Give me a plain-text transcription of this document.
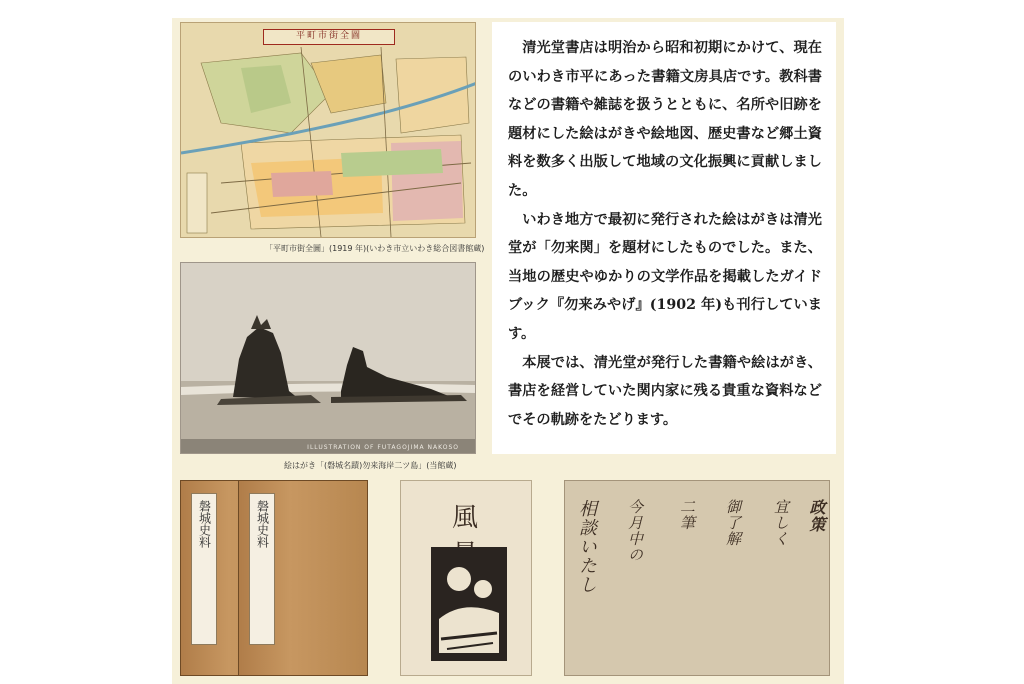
平町市街全圖
「平町市街全圖」(1919 年)(いわき市立いわき総合図書館蔵)
ILLUSTRATION OF FUTAGOJIMA NAKOSO
絵はがき「(磐城名蹟)勿来海岸二ツ島」(当館蔵)

清光堂書店は明治から昭和初期にかけて、現在のいわき市平にあった書籍文房具店です。教科書などの書籍や雑誌を扱うとともに、名所や旧跡を題材にした絵はがきや絵地図、歴史書など郷土資料を数多く出版して地域の文化振興に貢献しました。

いわき地方で最初に発行された絵はがきは清光堂が「勿来関」を題材にしたものでした。また、当地の歴史やゆかりの文学作品を掲載したガイドブック『勿来みやげ』(1902 年)も刊行しています。

本展では、清光堂が発行した書籍や絵はがき、書店を経営していた関内家に残る貴重な資料などでその軌跡をたどります。

磐城史料	磐城史料	風	相談いたし 今月中の 二筆 御了解 宜しく 政策
